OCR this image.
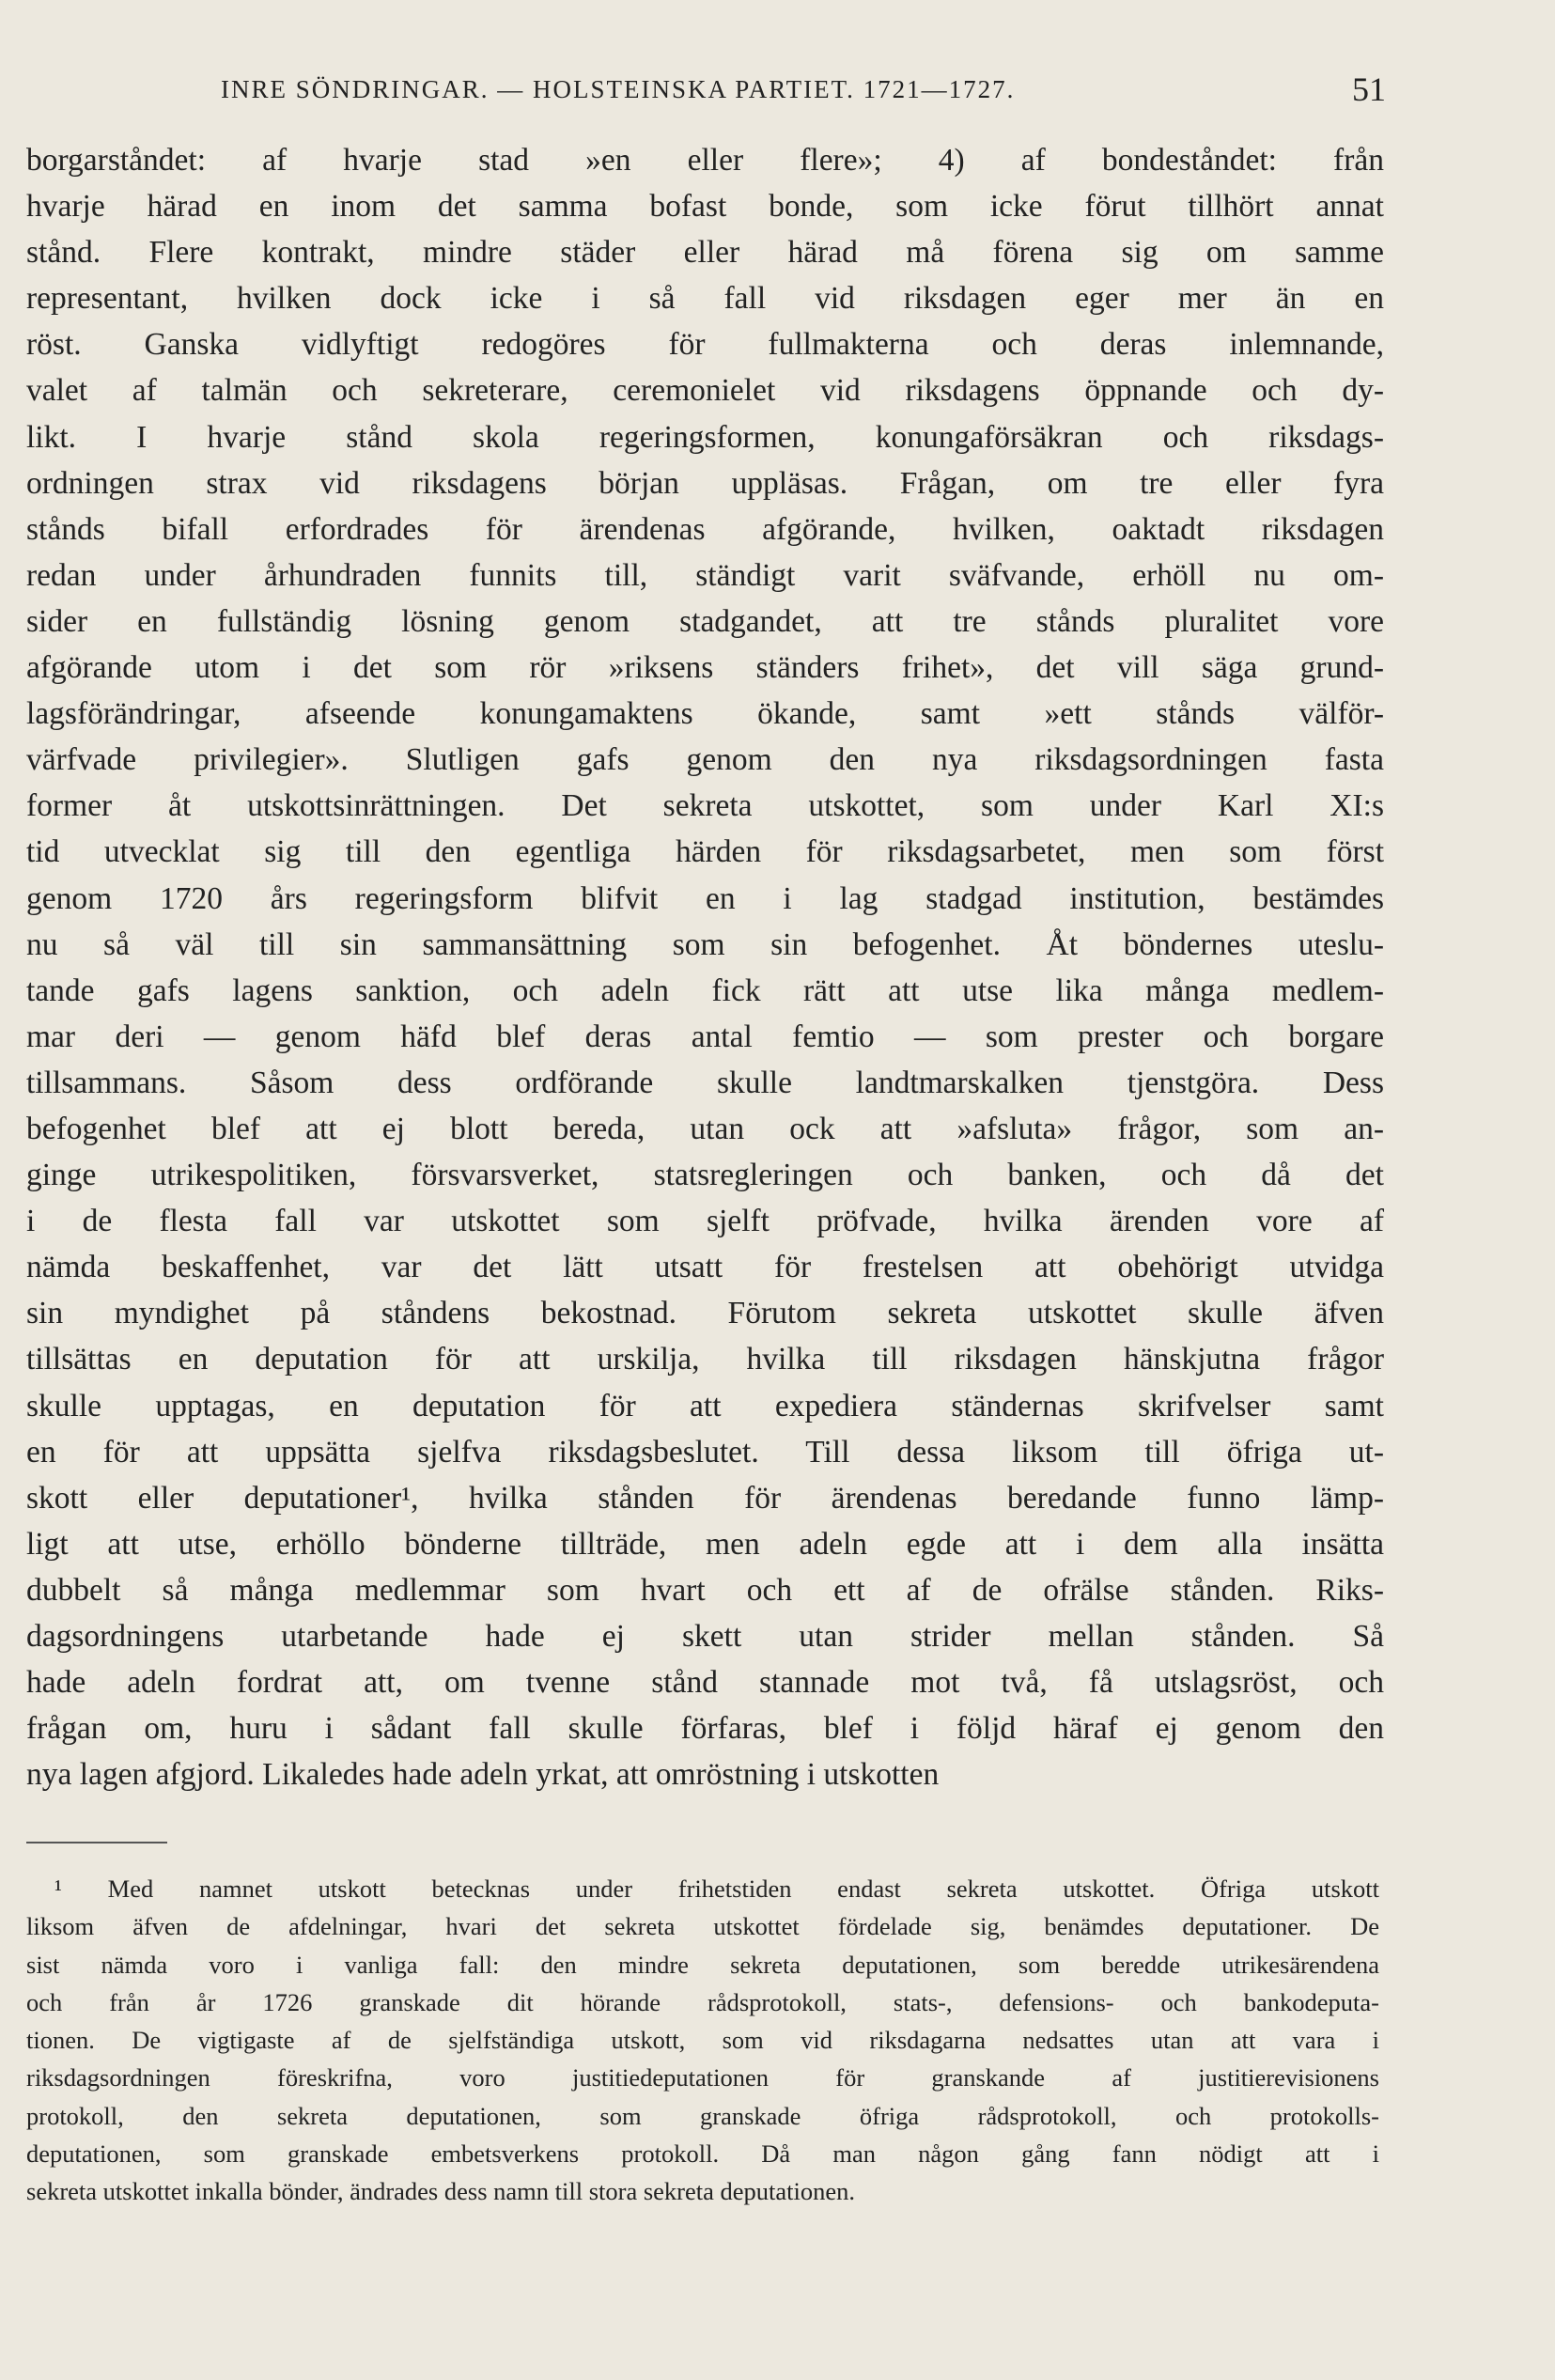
INRE SÖNDRINGAR. — HOLSTEINSKA PARTIET. 1721—1727.	51
borgarståndet: af hvarje stad »en eller flere»; 4) af bondeståndet: från
hvarje härad en inom det samma bofast bonde, som icke förut tillhört annat
stånd. Flere kontrakt, mindre städer eller härad må förena sig om samme
representant, hvilken dock icke i så fall vid riksdagen eger mer än en
röst. Ganska vidlyftigt redogöres för fullmakterna och deras inlemnande,
valet af talmän och sekreterare, ceremonielet vid riksdagens öppnande och dy-
likt. I hvarje stånd skola regeringsformen, konungaförsäkran och riksdags-
ordningen strax vid riksdagens början uppläsas. Frågan, om tre eller fyra
stånds bifall erfordrades för ärendenas afgörande, hvilken, oaktadt riksdagen
redan under århundraden funnits till, ständigt varit sväfvande, erhöll nu om-
sider en fullständig lösning genom stadgandet, att tre stånds pluralitet vore
afgörande utom i det som rör »riksens ständers frihet», det vill säga grund-
lagsförändringar, afseende konungamaktens ökande, samt »ett stånds välför-
värfvade privilegier». Slutligen gafs genom den nya riksdagsordningen fasta
former åt utskottsinrättningen. Det sekreta utskottet, som under Karl XI:s
tid utvecklat sig till den egentliga härden för riksdagsarbetet, men som först
genom 1720 års regeringsform blifvit en i lag stadgad institution, bestämdes
nu så väl till sin sammansättning som sin befogenhet. Åt böndernes uteslu-
tande gafs lagens sanktion, och adeln fick rätt att utse lika många medlem-
mar deri — genom häfd blef deras antal femtio — som prester och borgare
tillsammans. Såsom dess ordförande skulle landtmarskalken tjenstgöra. Dess
befogenhet blef att ej blott bereda, utan ock att »afsluta» frågor, som an-
ginge utrikespolitiken, försvarsverket, statsregleringen och banken, och då det
i de flesta fall var utskottet som sjelft pröfvade, hvilka ärenden vore af
nämda beskaffenhet, var det lätt utsatt för frestelsen att obehörigt utvidga
sin myndighet på ståndens bekostnad. Förutom sekreta utskottet skulle äfven
tillsättas en deputation för att urskilja, hvilka till riksdagen hänskjutna frågor
skulle upptagas, en deputation för att expediera ständernas skrifvelser samt
en för att uppsätta sjelfva riksdagsbeslutet. Till dessa liksom till öfriga ut-
skott eller deputationer¹, hvilka stånden för ärendenas beredande funno lämp-
ligt att utse, erhöllo bönderne tillträde, men adeln egde att i dem alla insätta
dubbelt så många medlemmar som hvart och ett af de ofrälse stånden. Riks-
dagsordningens utarbetande hade ej skett utan strider mellan stånden. Så
hade adeln fordrat att, om tvenne stånd stannade mot två, få utslagsröst, och
frågan om, huru i sådant fall skulle förfaras, blef i följd häraf ej genom den
nya lagen afgjord. Likaledes hade adeln yrkat, att omröstning i utskotten
¹ Med namnet utskott betecknas under frihetstiden endast sekreta utskottet. Öfriga utskott
liksom äfven de afdelningar, hvari det sekreta utskottet fördelade sig, benämdes deputationer. De
sist nämda voro i vanliga fall: den mindre sekreta deputationen, som beredde utrikesärendena
och från år 1726 granskade dit hörande rådsprotokoll, stats-, defensions- och bankodeputa-
tionen. De vigtigaste af de sjelfständiga utskott, som vid riksdagarna nedsattes utan att vara i
riksdagsordningen föreskrifna, voro justitiedeputationen för granskande af justitierevisionens
protokoll, den sekreta deputationen, som granskade öfriga rådsprotokoll, och protokolls-
deputationen, som granskade embetsverkens protokoll. Då man någon gång fann nödigt att i
sekreta utskottet inkalla bönder, ändrades dess namn till stora sekreta deputationen.
